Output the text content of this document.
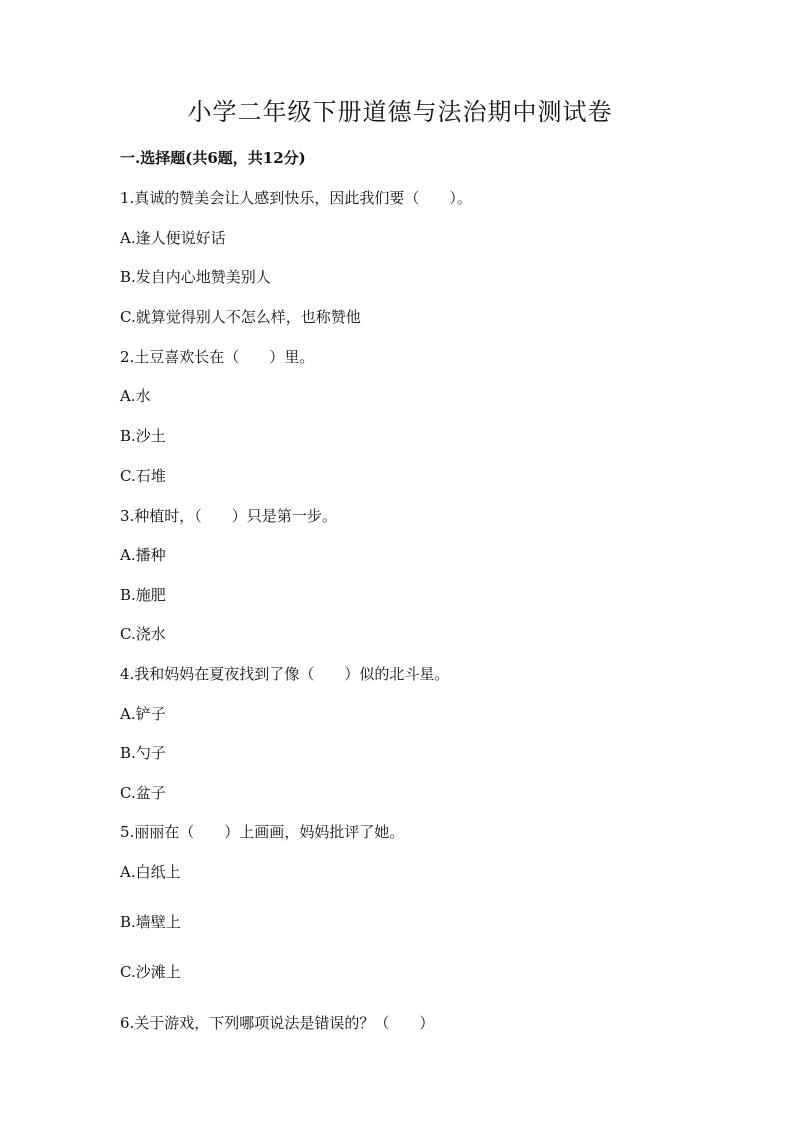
小学二年级下册道德与法治期中测试卷
一.选择题(共6题，共12分)

1.真诚的赞美会让人感到快乐，因此我们要（　　）。

A.逢人便说好话

B.发自内心地赞美别人

C.就算觉得别人不怎么样，也称赞他

2.土豆喜欢长在（　　）里。

A.水

B.沙土

C.石堆

3.种植时，（　　）只是第一步。

A.播种

B.施肥

C.浇水

4.我和妈妈在夏夜找到了像（　　）似的北斗星。

A.铲子

B.勺子

C.盆子

5.丽丽在（　　）上画画，妈妈批评了她。

A.白纸上

B.墙壁上

C.沙滩上

6.关于游戏，下列哪项说法是错误的？（　　）
